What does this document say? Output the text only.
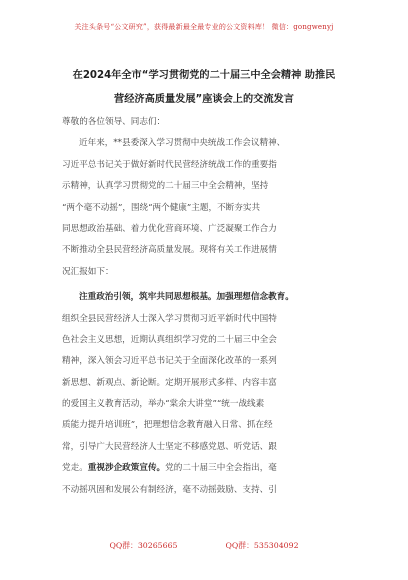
关注头条号“公文研究”，获得最新最全最专业的公文资料库！ 微信：gongwenyj
在2024年全市“学习贯彻党的二十届三中全会精神 助推民
营经济高质量发展”座谈会上的交流发言
尊敬的各位领导、同志们：
近年来，**县委深入学习贯彻中央统战工作会议精神、
习近平总书记关于做好新时代民营经济统战工作的重要指
示精神，认真学习贯彻党的二十届三中全会精神，坚持
“两个毫不动摇”，围绕“两个健康”主题，不断夯实共
同思想政治基础、着力优化营商环境、广泛凝聚工作合力
不断推动全县民营经济高质量发展。现将有关工作进展情
况汇报如下：
注重政治引领，筑牢共同思想根基。加强理想信念教育。
组织全县民营经济人士深入学习贯彻习近平新时代中国特
色社会主义思想，近期认真组织学习党的二十届三中全会
精神，深入领会习近平总书记关于全面深化改革的一系列
新思想、新观点、新论断。定期开展形式多样、内容丰富
的爱国主义教育活动，举办“棠余大讲堂”“统一战线素
质能力提升培训班”，把理想信念教育融入日常、抓在经
常，引导广大民营经济人士坚定不移感党恩、听党话、跟
党走。重视涉企政策宣传。党的二十届三中全会指出，毫
不动摇巩固和发展公有制经济，毫不动摇鼓励、支持、引
QQ群：30265665	QQ群：535304092
